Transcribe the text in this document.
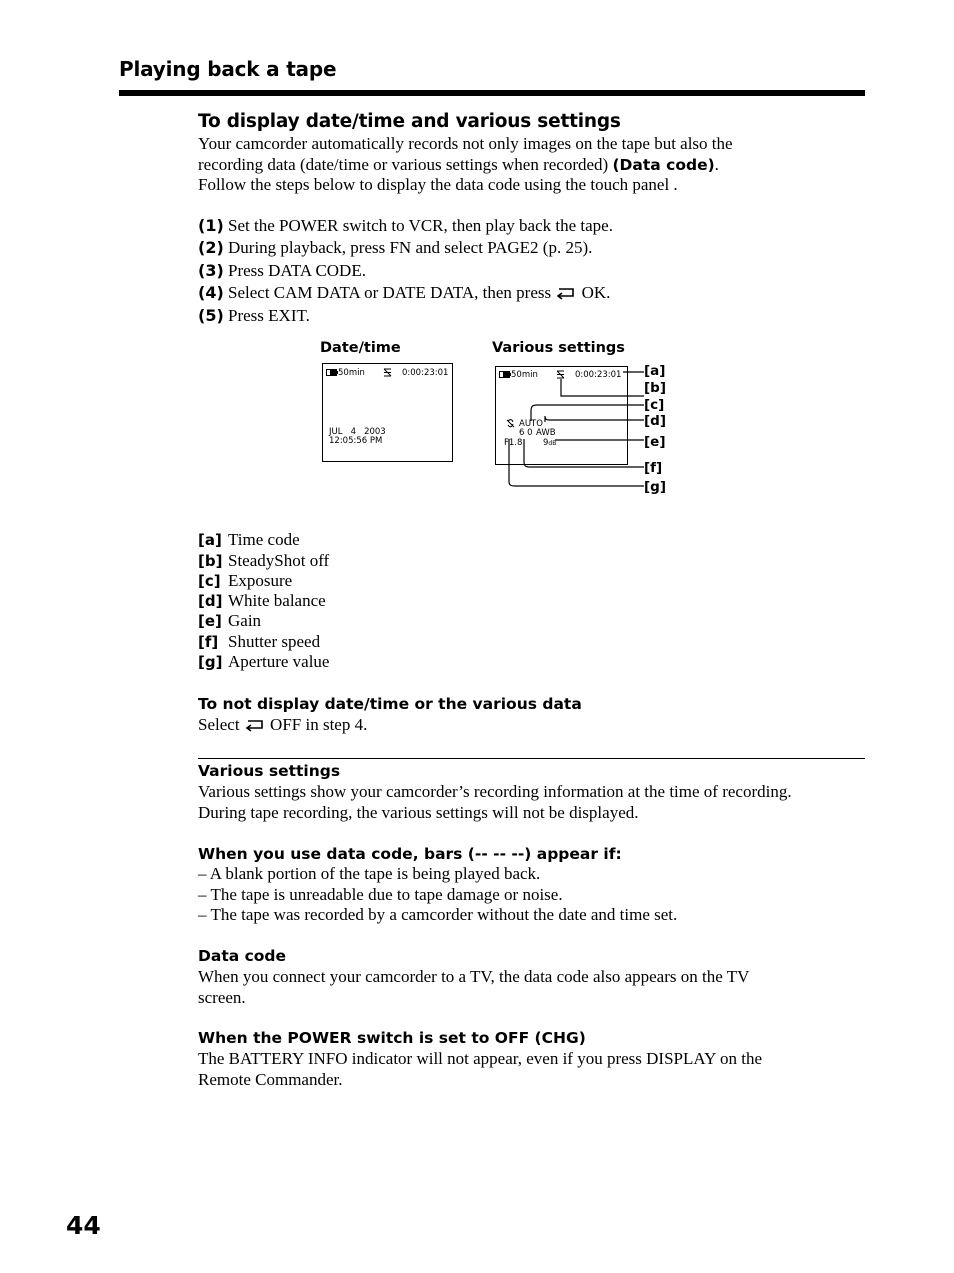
Playing back a tape
To display date/time and various settings
Your camcorder automatically records not only images on the tape but also the
recording data (date/time or various settings when recorded) (Data code).
Follow the steps below to display the data code using the touch panel .
(1) Set the POWER switch to VCR, then play back the tape.
(2) During playback, press FN and select PAGE2 (p. 25).
(3) Press DATA CODE.
(4) Select CAM DATA or DATE DATA, then press  OK.
(5) Press EXIT.
Date/time
50min	0:00:23:01
JUL   4   2003
12:05:56 PM
Various settings
50min	0:00:23:01
AUTO
6 0 AWB
F1.8 9dB
[a]
[b]
[c]
[d]
[e]
[f]
[g]
[a] Time code
[b] SteadyShot off
[c] Exposure
[d] White balance
[e] Gain
[f] Shutter speed
[g] Aperture value
To not display date/time or the various data
Select  OFF in step 4.
Various settings
Various settings show your camcorder’s recording information at the time of recording.
During tape recording, the various settings will not be displayed.
When you use data code, bars (-- -- --) appear if:
– A blank portion of the tape is being played back.
– The tape is unreadable due to tape damage or noise.
– The tape was recorded by a camcorder without the date and time set.
Data code
When you connect your camcorder to a TV, the data code also appears on the TV
screen.
When the POWER switch is set to OFF (CHG)
The BATTERY INFO indicator will not appear, even if you press DISPLAY on the
Remote Commander.
44
